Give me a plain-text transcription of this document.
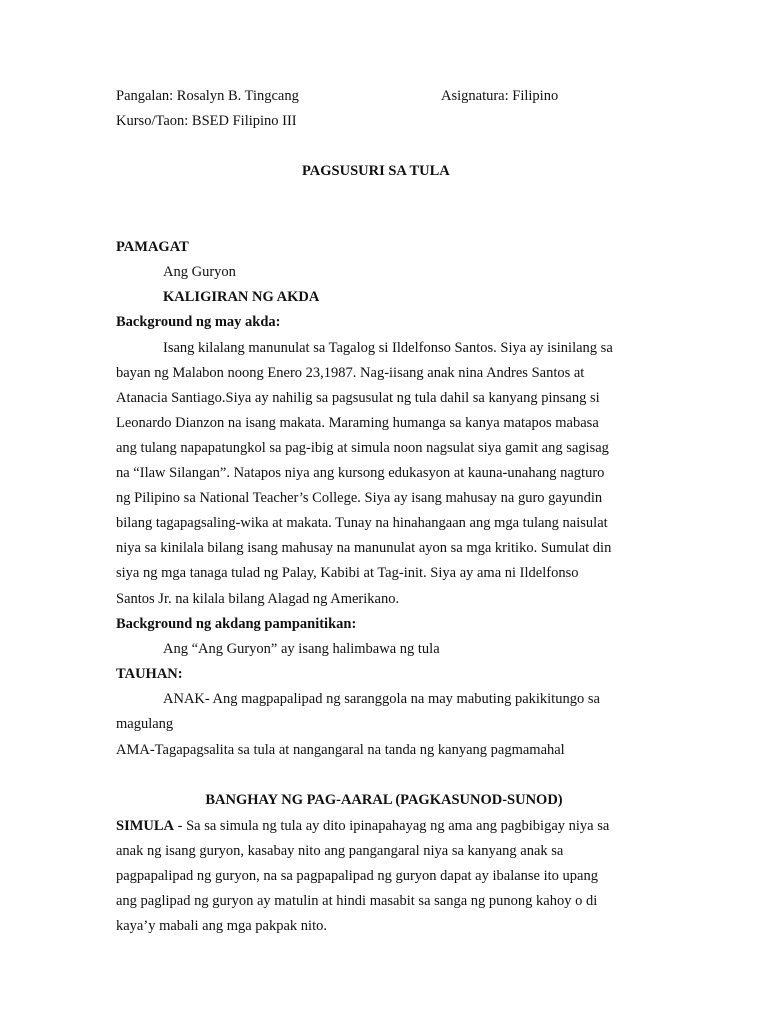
Pangalan: Rosalyn B. Tingcang	Asignatura: Filipino
Kurso/Taon: BSED Filipino III
PAGSUSURI SA TULA
PAMAGAT
Ang Guryon
KALIGIRAN NG AKDA
Background ng may akda:
Isang kilalang manunulat sa Tagalog si Ildelfonso Santos. Siya ay isinilang sa
bayan ng Malabon noong Enero 23,1987. Nag-iisang anak nina Andres Santos at
Atanacia Santiago.Siya ay nahilig sa pagsusulat ng tula dahil sa kanyang pinsang si
Leonardo Dianzon na isang makata. Maraming humanga sa kanya matapos mabasa
ang tulang napapatungkol sa pag-ibig at simula noon nagsulat siya gamit ang sagisag
na “Ilaw Silangan”. Natapos niya ang kursong edukasyon at kauna-unahang nagturo
ng Pilipino sa National Teacher’s College. Siya ay isang mahusay na guro gayundin
bilang tagapagsaling-wika at makata. Tunay na hinahangaan ang mga tulang naisulat
niya sa kinilala bilang isang mahusay na manunulat ayon sa mga kritiko. Sumulat din
siya ng mga tanaga tulad ng Palay, Kabibi at Tag-init. Siya ay ama ni Ildelfonso
Santos Jr. na kilala bilang Alagad ng Amerikano.
Background ng akdang pampanitikan:
Ang “Ang Guryon” ay isang halimbawa ng tula
TAUHAN:
ANAK- Ang magpapalipad ng saranggola na may mabuting pakikitungo sa
magulang
AMA-Tagapagsalita sa tula at nangangaral na tanda ng kanyang pagmamahal
BANGHAY NG PAG-AARAL (PAGKASUNOD-SUNOD)
SIMULA - Sa sa simula ng tula ay dito ipinapahayag ng ama ang pagbibigay niya sa
anak ng isang guryon, kasabay nito ang pangangaral niya sa kanyang anak sa
pagpapalipad ng guryon, na sa pagpapalipad ng guryon dapat ay ibalanse ito upang
ang paglipad ng guryon ay matulin at hindi masabit sa sanga ng punong kahoy o di
kaya’y mabali ang mga pakpak nito.
